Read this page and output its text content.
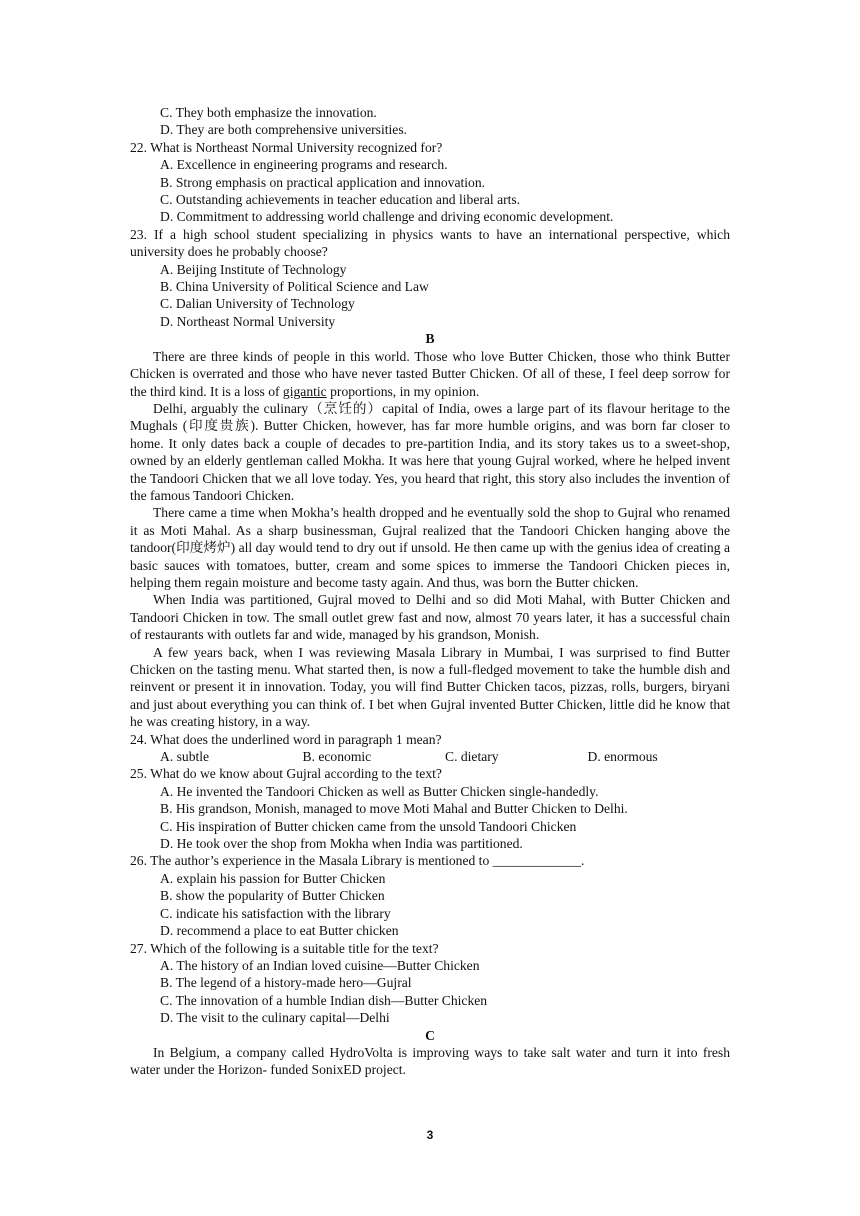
C. They both emphasize the innovation.
D. They are both comprehensive universities.
22. What is Northeast Normal University recognized for?
A. Excellence in engineering programs and research.
B. Strong emphasis on practical application and innovation.
C. Outstanding achievements in teacher education and liberal arts.
D. Commitment to addressing world challenge and driving economic development.
23. If a high school student specializing in physics wants to have an international perspective, which university does he probably choose?
A. Beijing Institute of Technology
B. China University of Political Science and Law
C. Dalian University of Technology
D. Northeast Normal University
B
There are three kinds of people in this world. Those who love Butter Chicken, those who think Butter Chicken is overrated and those who have never tasted Butter Chicken. Of all of these, I feel deep sorrow for the third kind. It is a loss of gigantic proportions, in my opinion.
Delhi, arguably the culinary（烹饪的）capital of India, owes a large part of its flavour heritage to the Mughals (印度贵族). Butter Chicken, however, has far more humble origins, and was born far closer to home. It only dates back a couple of decades to pre-partition India, and its story takes us to a sweet-shop, owned by an elderly gentleman called Mokha. It was here that young Gujral worked, where he helped invent the Tandoori Chicken that we all love today. Yes, you heard that right, this story also includes the invention of the famous Tandoori Chicken.
There came a time when Mokha’s health dropped and he eventually sold the shop to Gujral who renamed it as Moti Mahal. As a sharp businessman, Gujral realized that the Tandoori Chicken hanging above the tandoor(印度烤炉) all day would tend to dry out if unsold. He then came up with the genius idea of creating a basic sauces with tomatoes, butter, cream and some spices to immerse the Tandoori Chicken pieces in, helping them regain moisture and become tasty again. And thus, was born the Butter chicken.
When India was partitioned, Gujral moved to Delhi and so did Moti Mahal, with Butter Chicken and Tandoori Chicken in tow. The small outlet grew fast and now, almost 70 years later, it has a successful chain of restaurants with outlets far and wide, managed by his grandson, Monish.
A few years back, when I was reviewing Masala Library in Mumbai, I was surprised to find Butter Chicken on the tasting menu. What started then, is now a full-fledged movement to take the humble dish and reinvent or present it in innovation. Today, you will find Butter Chicken tacos, pizzas, rolls, burgers, biryani and just about everything you can think of. I bet when Gujral invented Butter Chicken, little did he know that he was creating history, in a way.
24. What does the underlined word in paragraph 1 mean?
A. subtle	B. economic	C. dietary	D. enormous
25. What do we know about Gujral according to the text?
A. He invented the Tandoori Chicken as well as Butter Chicken single-handedly.
B. His grandson, Monish, managed to move Moti Mahal and Butter Chicken to Delhi.
C. His inspiration of Butter chicken came from the unsold Tandoori Chicken
D. He took over the shop from Mokha when India was partitioned.
26. The author’s experience in the Masala Library is mentioned to _____________.
A. explain his passion for Butter Chicken
B. show the popularity of Butter Chicken
C. indicate his satisfaction with the library
D. recommend a place to eat Butter chicken
27. Which of the following is a suitable title for the text?
A. The history of an Indian loved cuisine—Butter Chicken
B. The legend of a history-made hero—Gujral
C. The innovation of a humble Indian dish—Butter Chicken
D. The visit to the culinary capital—Delhi
C
In Belgium, a company called HydroVolta is improving ways to take salt water and turn it into fresh water under the Horizon- funded SonixED project.
3
